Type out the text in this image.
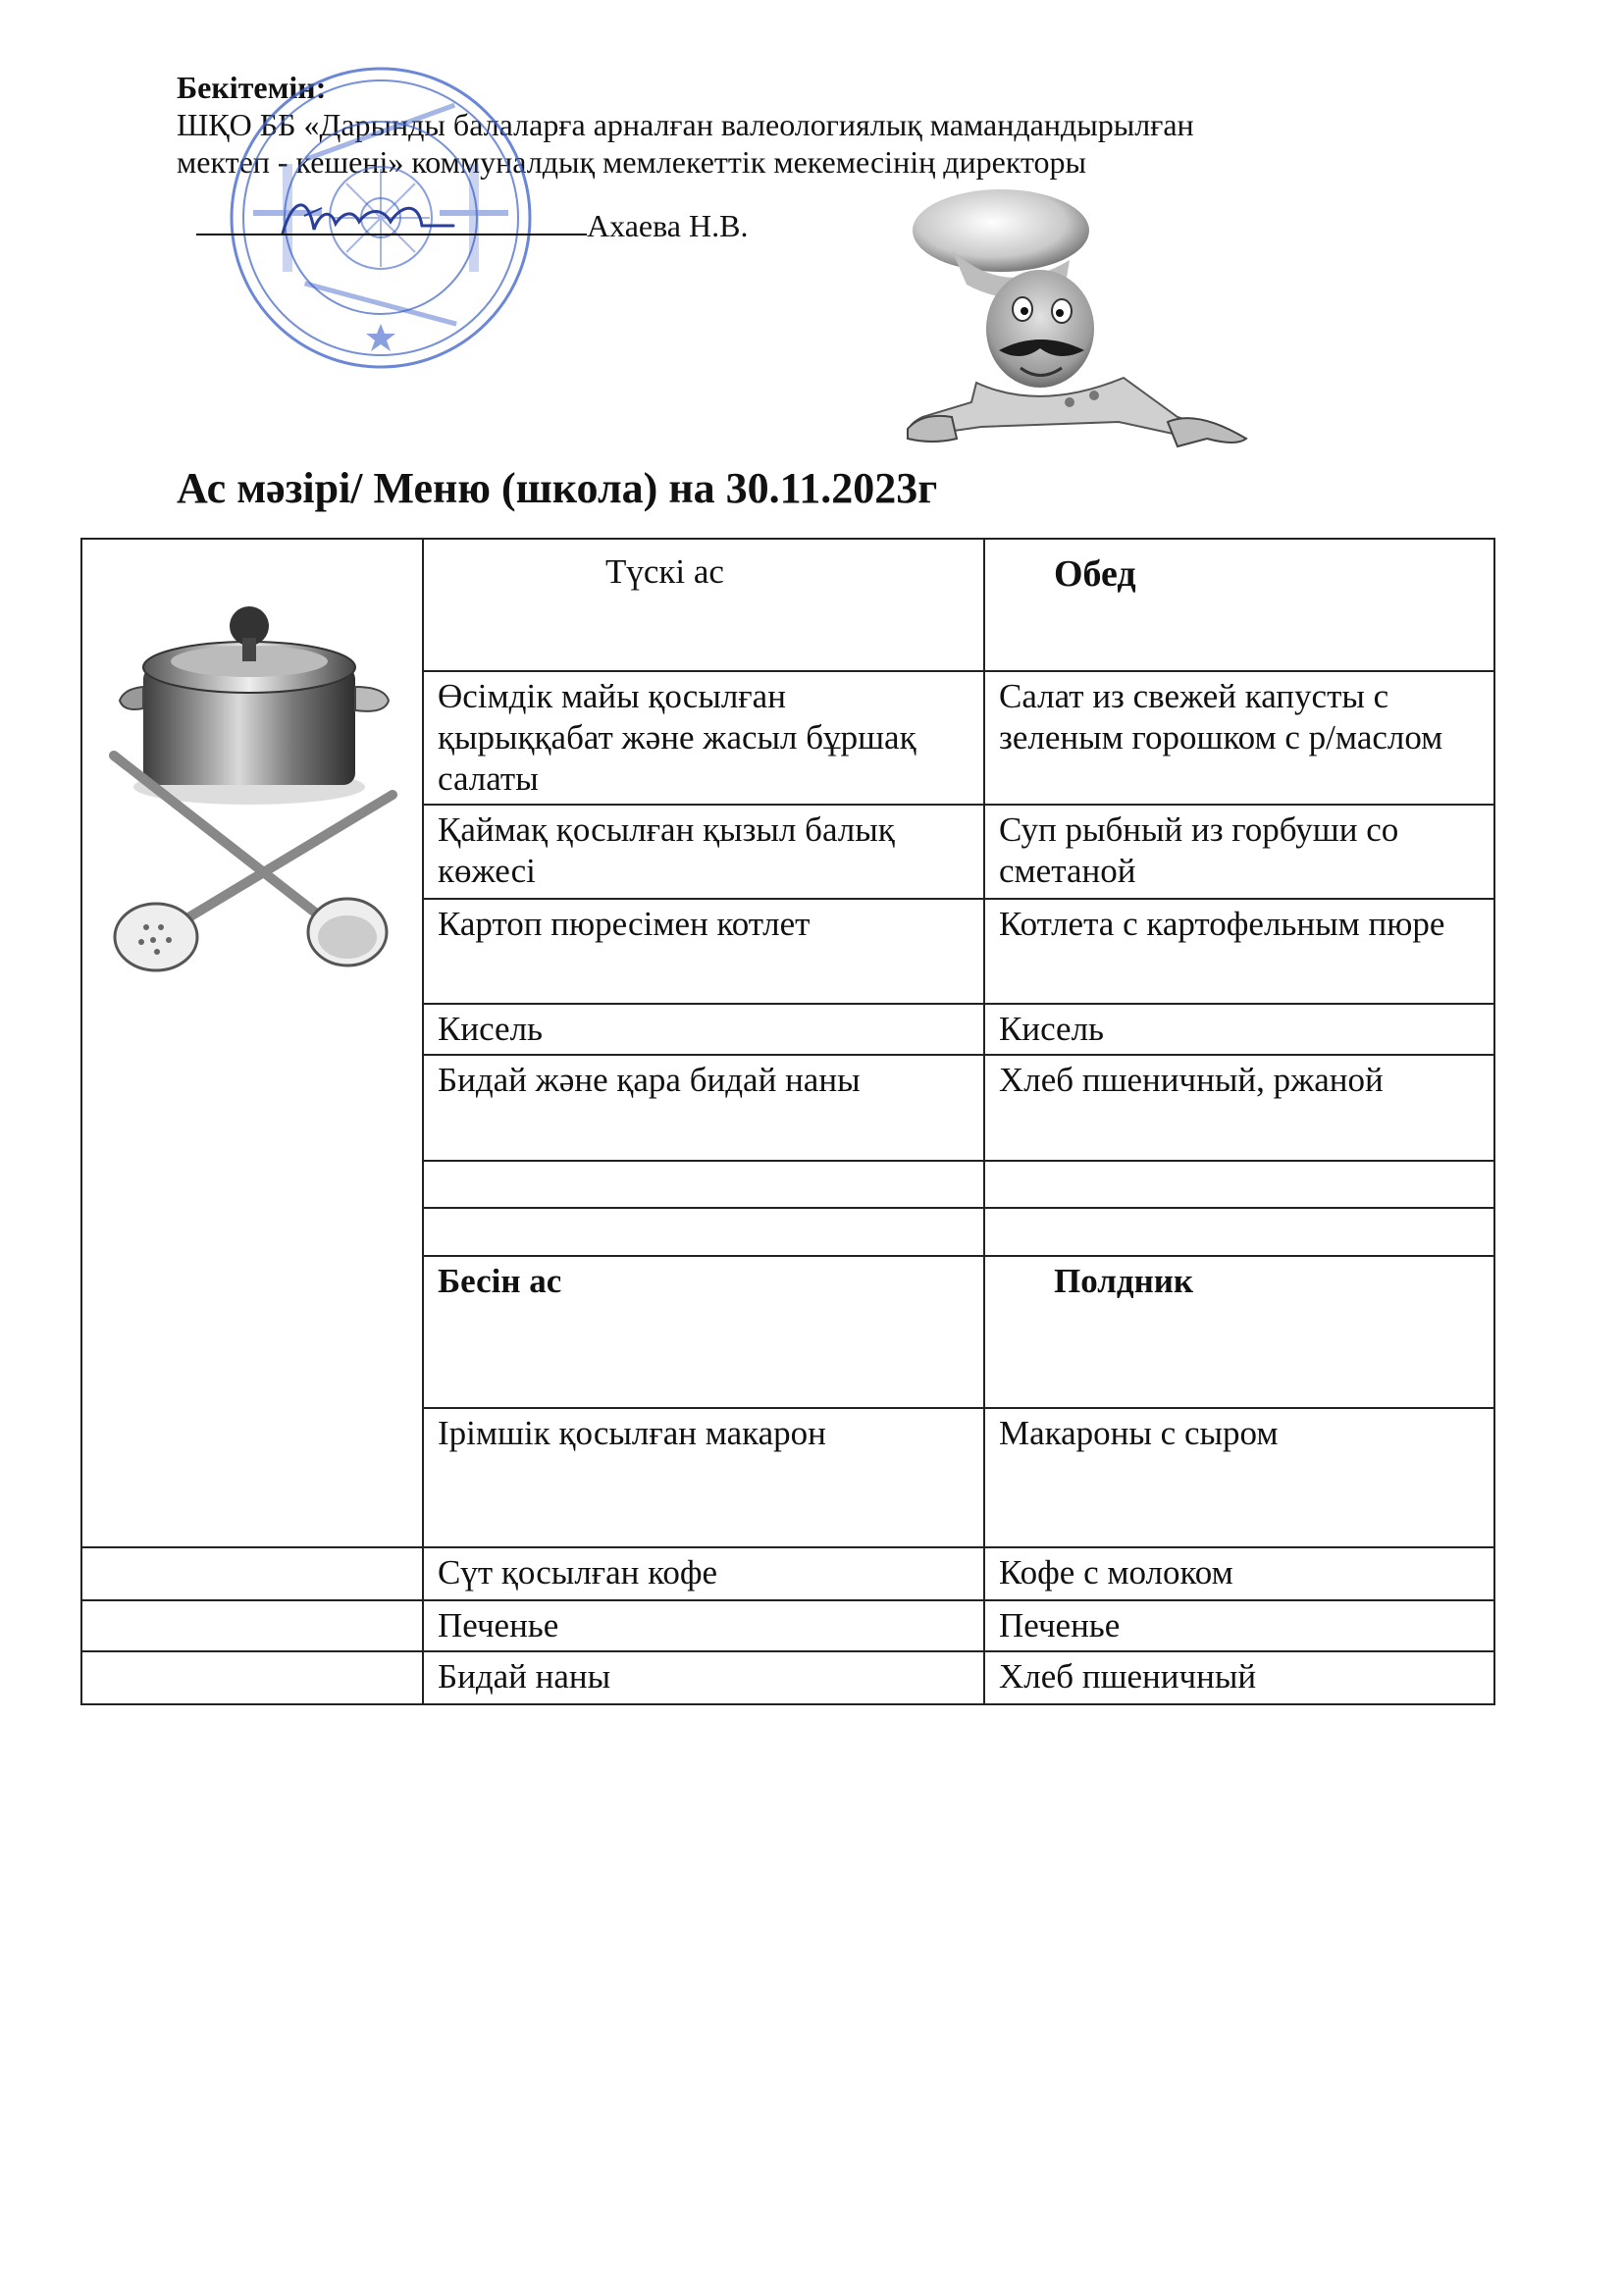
Бекітемін:
ШҚО ББ «Дарынды балаларға арналған валеологиялық мамандандырылған
мектеп - кешені» коммуналдық мемлекеттік мекемесінің директоры
Ахаева Н.В.
Ас мәзірі/ Меню (школа) на 30.11.2023г
	Түскі ас	Обед
	Өсімдік майы қосылған қырыққабат және жасыл бұршақ салаты	Салат из свежей капусты с зеленым горошком с р/маслом
	Қаймақ қосылған қызыл балық көжесі	Суп рыбный из горбуши со сметаной
	Картоп пюресімен котлет	Котлета с картофельным пюре
	Кисель	Кисель
	Бидай және қара бидай наны	Хлеб пшеничный, ржаной

	Бесін ас	Полдник
	Ірімшік қосылған макарон	Макароны с сыром

	Сүт қосылған кофе	Кофе с молоком
	Печенье	Печенье
	Бидай наны	Хлеб пшеничный
